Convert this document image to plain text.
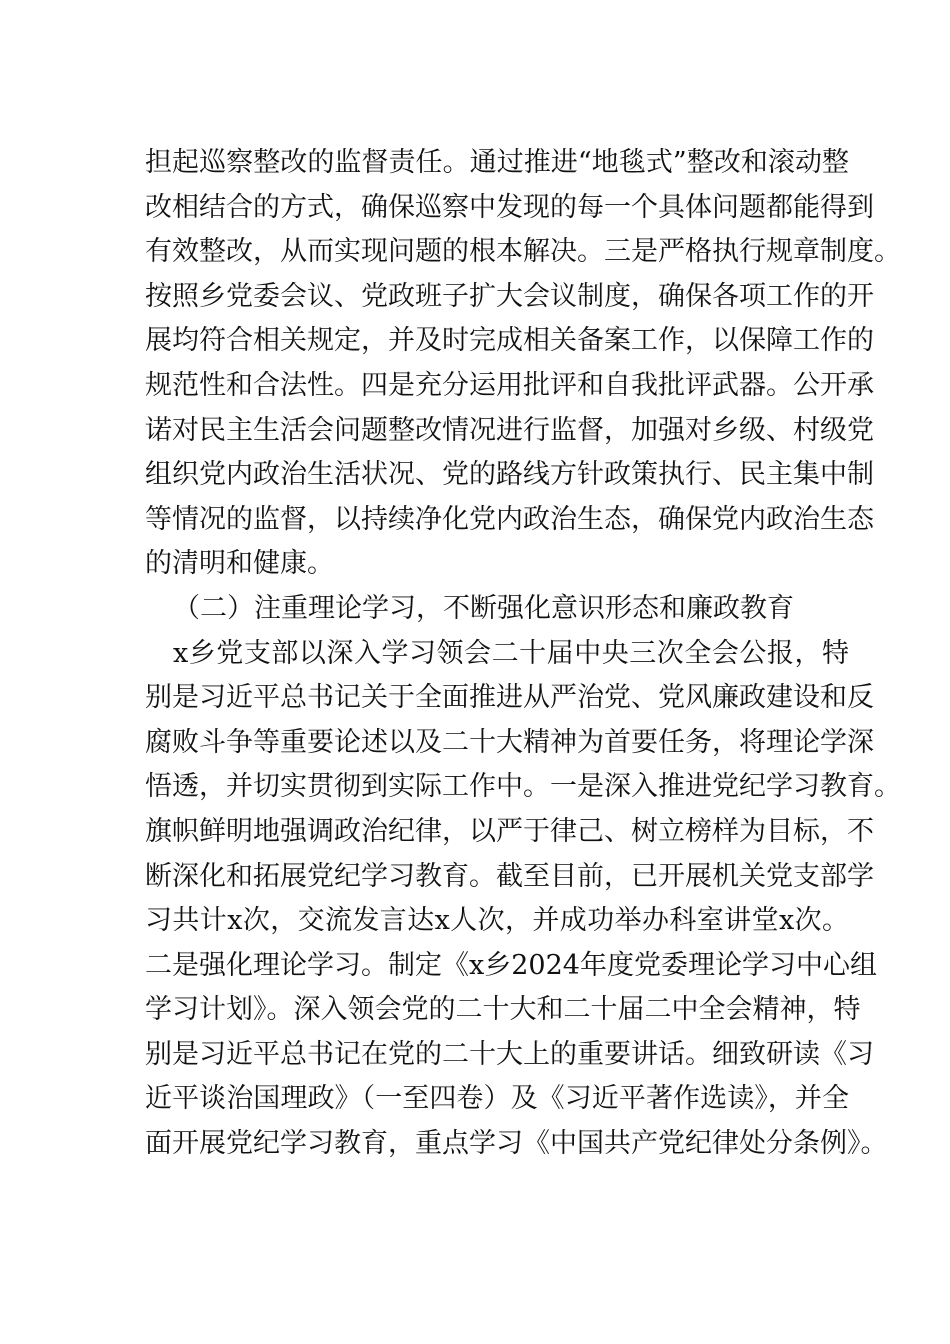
担起巡察整改的监督责任。通过推进“地毯式”整改和滚动整
改相结合的方式，确保巡察中发现的每一个具体问题都能得到
有效整改，从而实现问题的根本解决。三是严格执行规章制度。
按照乡党委会议、党政班子扩大会议制度，确保各项工作的开
展均符合相关规定，并及时完成相关备案工作，以保障工作的
规范性和合法性。四是充分运用批评和自我批评武器。公开承
诺对民主生活会问题整改情况进行监督，加强对乡级、村级党
组织党内政治生活状况、党的路线方针政策执行、民主集中制
等情况的监督，以持续净化党内政治生态，确保党内政治生态
的清明和健康。
（二）注重理论学习，不断强化意识形态和廉政教育
x乡党支部以深入学习领会二十届中央三次全会公报，特
别是习近平总书记关于全面推进从严治党、党风廉政建设和反
腐败斗争等重要论述以及二十大精神为首要任务，将理论学深
悟透，并切实贯彻到实际工作中。一是深入推进党纪学习教育。
旗帜鲜明地强调政治纪律，以严于律己、树立榜样为目标，不
断深化和拓展党纪学习教育。截至目前，已开展机关党支部学
习共计x次，交流发言达x人次，并成功举办科室讲堂x次。
二是强化理论学习。制定《x乡2024年度党委理论学习中心组
学习计划》。深入领会党的二十大和二十届二中全会精神，特
别是习近平总书记在党的二十大上的重要讲话。细致研读《习
近平谈治国理政》（一至四卷）及《习近平著作选读》，并全
面开展党纪学习教育，重点学习《中国共产党纪律处分条例》。
